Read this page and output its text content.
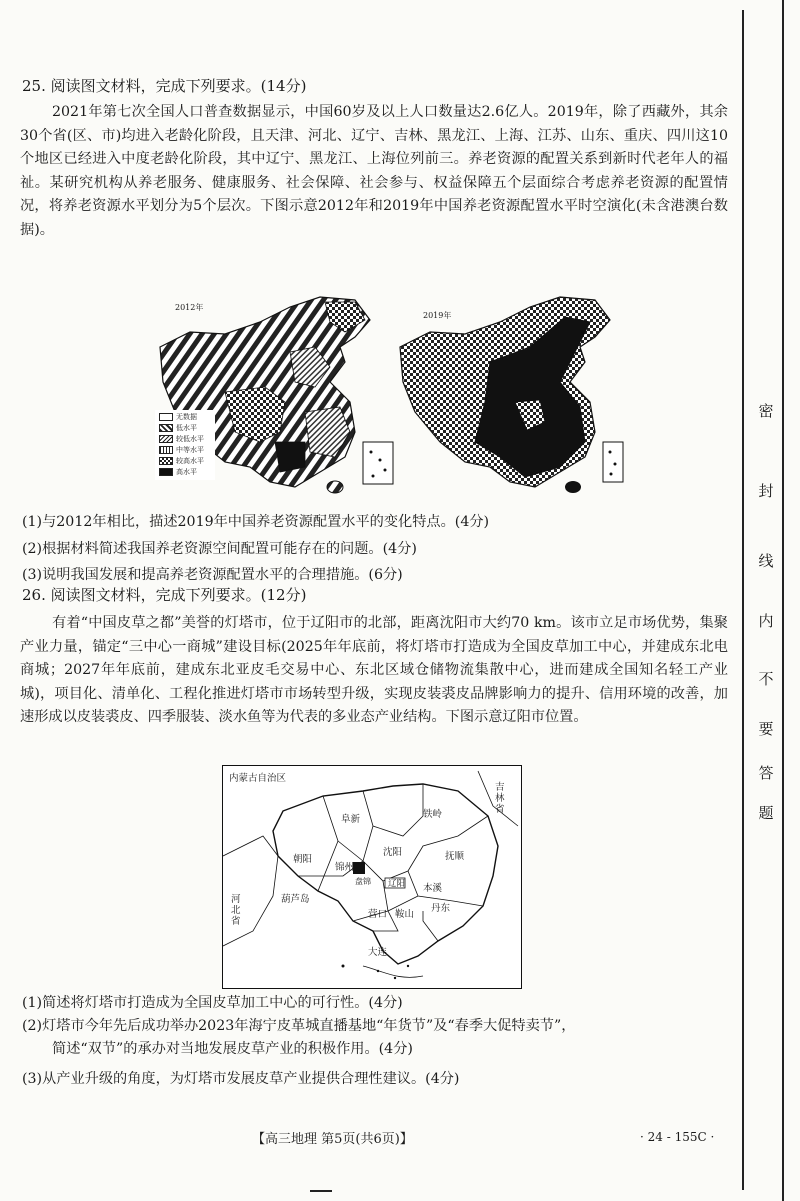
25. 阅读图文材料，完成下列要求。(14分)
2021年第七次全国人口普查数据显示，中国60岁及以上人口数量达2.6亿人。2019年，除了西藏外，其余30个省(区、市)均进入老龄化阶段，且天津、河北、辽宁、吉林、黑龙江、上海、江苏、山东、重庆、四川这10个地区已经进入中度老龄化阶段，其中辽宁、黑龙江、上海位列前三。养老资源的配置关系到新时代老年人的福祉。某研究机构从养老服务、健康服务、社会保障、社会参与、权益保障五个层面综合考虑养老资源的配置情况，将养老资源水平划分为5个层次。下图示意2012年和2019年中国养老资源配置水平时空演化(未含港澳台数据)。
2012年
2019年
无数据
低水平
较低水平
中等水平
较高水平
高水平
(1)与2012年相比，描述2019年中国养老资源配置水平的变化特点。(4分)
(2)根据材料简述我国养老资源空间配置可能存在的问题。(4分)
(3)说明我国发展和提高养老资源配置水平的合理措施。(6分)
26. 阅读图文材料，完成下列要求。(12分)
有着“中国皮草之都”美誉的灯塔市，位于辽阳市的北部，距离沈阳市大约70 km。该市立足市场优势，集聚产业力量，锚定“三中心一商城”建设目标(2025年年底前，将灯塔市打造成为全国皮草加工中心，并建成东北电商城；2027年年底前，建成东北亚皮毛交易中心、东北区域仓储物流集散中心，进而建成全国知名轻工产业城)，项目化、清单化、工程化推进灯塔市市场转型升级，实现皮装裘皮品牌影响力的提升、信用环境的改善，加速形成以皮装裘皮、四季服装、淡水鱼等为代表的多业态产业结构。下图示意辽阳市位置。
内蒙古自治区
吉林省
铁岭
阜新
沈阳	抚顺
朝阳
锦州
盘锦 辽阳 本溪
河北省
葫芦岛
营口 鞍山
丹东
大连
(1)简述将灯塔市打造成为全国皮草加工中心的可行性。(4分)
(2)灯塔市今年先后成功举办2023年海宁皮革城直播基地“年货节”及“春季大促特卖节”，
简述“双节”的承办对当地发展皮草产业的积极作用。(4分)
(3)从产业升级的角度，为灯塔市发展皮草产业提供合理性建议。(4分)
【高三地理 第5页(共6页)】	· 24 - 155C ·
密
封
线
内
不
要
答
题
